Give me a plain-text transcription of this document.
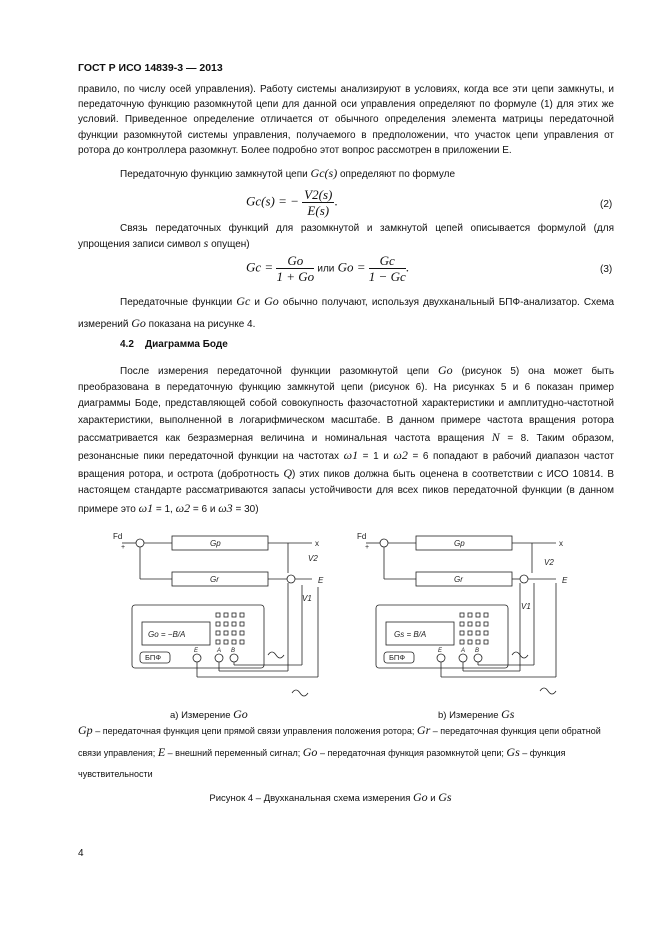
ГОСТ Р ИСО 14839-3 — 2013
правило, по числу осей управления). Работу системы анализируют в условиях, когда все эти цепи замкнуты, и передаточную функцию разомкнутой цепи для данной оси управления определяют по формуле (1) для этих же условий. Приведенное определение отличается от обычного определения элемента матрицы передаточной функции разомкнутой системы управления, получаемого в предположении, что участок цепи управления от ротора до контроллера разомкнут. Более подробно этот вопрос рассмотрен в приложении Е.
Передаточную функцию замкнутой цепи Gc(s) определяют по формуле
Gc(s) = − $\frac{V2(s)}{E(s)}$ .	(2)
Связь передаточных функций для разомкнутой и замкнутой цепей описывается формулой (для упрощения записи символ s опущен)
$Gc = \frac{Go}{1 + Go}$ или $Go = \frac{Gc}{1 - Gc}$ .	(3)
Передаточные функции Gc и Go обычно получают, используя двухканальный БПФ-анализатор. Схема измерений Go показана на рисунке 4.
4.2 Диаграмма Боде
После измерения передаточной функции разомкнутой цепи Go (рисунок 5) она может быть преобразована в передаточную функцию замкнутой цепи (рисунок 6). На рисунках 5 и 6 показан пример диаграммы Боде, представляющей собой совокупность фазочастотной характеристики и амплитудно-частотной характеристики, выполненной в логарифмическом масштабе. В данном примере частота вращения ротора рассматривается как безразмерная величина и номинальная частота вращения N = 8. Таким образом, резонансные пики передаточной функции на частотах ω1 = 1 и ω2 = 6 попадают в рабочий диапазон частот вращения ротора, и острота (добротность Q) этих пиков должна быть оценена в соответствии с ИСО 10814. В настоящем стандарте рассматриваются запасы устойчивости для всех пиков передаточной функции (в данном примере это ω1 = 1, ω2 = 6 и ω3 = 30)
Fd
+	Gp	x
V2
E
Gr
V1
Go = −B/A
БПФ
E	A B
Fd
+	Gp	x
V2
E
Gr
V1
Gs = B/A
БПФ
E	A B
а) Измерение Go	b) Измерение Gs
Gp – передаточная функция цепи прямой связи управления положения ротора; Gr – передаточная функция цепи обратной связи управления; E – внешний переменный сигнал; Go – передаточная функция разомкнутой цепи; Gs – функция чувствительности
Рисунок 4 – Двухканальная схема измерения Go и Gs
4
